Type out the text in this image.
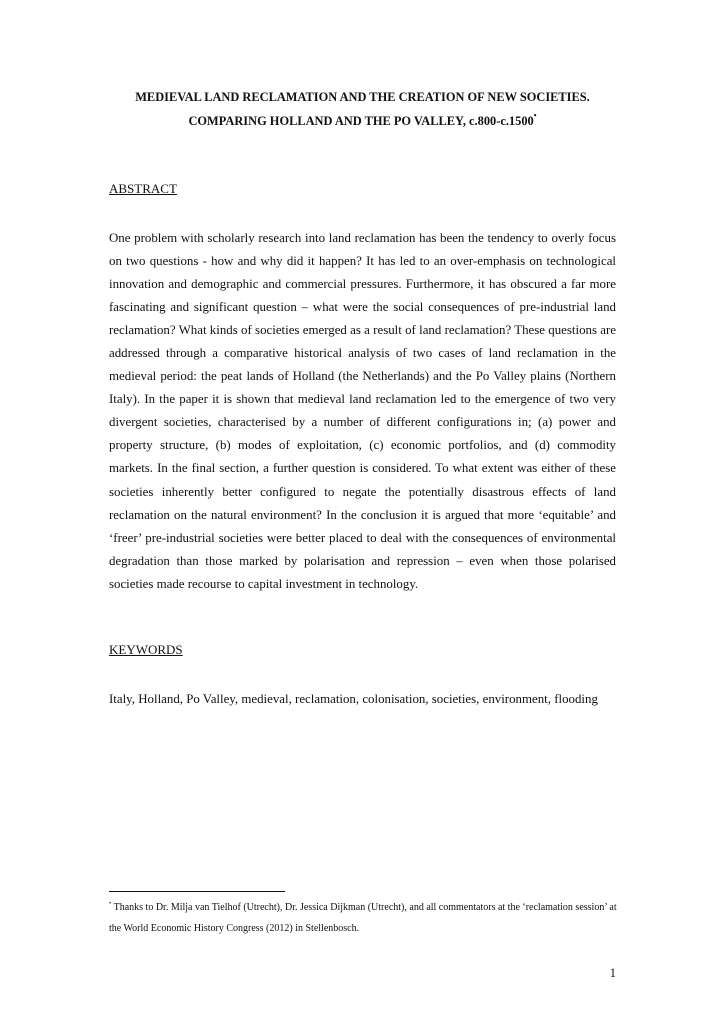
MEDIEVAL LAND RECLAMATION AND THE CREATION OF NEW SOCIETIES.
COMPARING HOLLAND AND THE PO VALLEY, c.800-c.1500•
ABSTRACT

One problem with scholarly research into land reclamation has been the tendency to overly focus on two questions - how and why did it happen? It has led to an over-emphasis on technological innovation and demographic and commercial pressures. Furthermore, it has obscured a far more fascinating and significant question – what were the social consequences of pre-industrial land reclamation? What kinds of societies emerged as a result of land reclamation? These questions are addressed through a comparative historical analysis of two cases of land reclamation in the medieval period: the peat lands of Holland (the Netherlands) and the Po Valley plains (Northern Italy). In the paper it is shown that medieval land reclamation led to the emergence of two very divergent societies, characterised by a number of different configurations in; (a) power and property structure, (b) modes of exploitation, (c) economic portfolios, and (d) commodity markets. In the final section, a further question is considered. To what extent was either of these societies inherently better configured to negate the potentially disastrous effects of land reclamation on the natural environment? In the conclusion it is argued that more ‘equitable’ and ‘freer’ pre-industrial societies were better placed to deal with the consequences of environmental degradation than those marked by polarisation and repression – even when those polarised societies made recourse to capital investment in technology.

KEYWORDS

Italy, Holland, Po Valley, medieval, reclamation, colonisation, societies, environment, flooding

• Thanks to Dr. Milja van Tielhof (Utrecht), Dr. Jessica Dijkman (Utrecht), and all commentators at the ‘reclamation session’ at the World Economic History Congress (2012) in Stellenbosch.

1
